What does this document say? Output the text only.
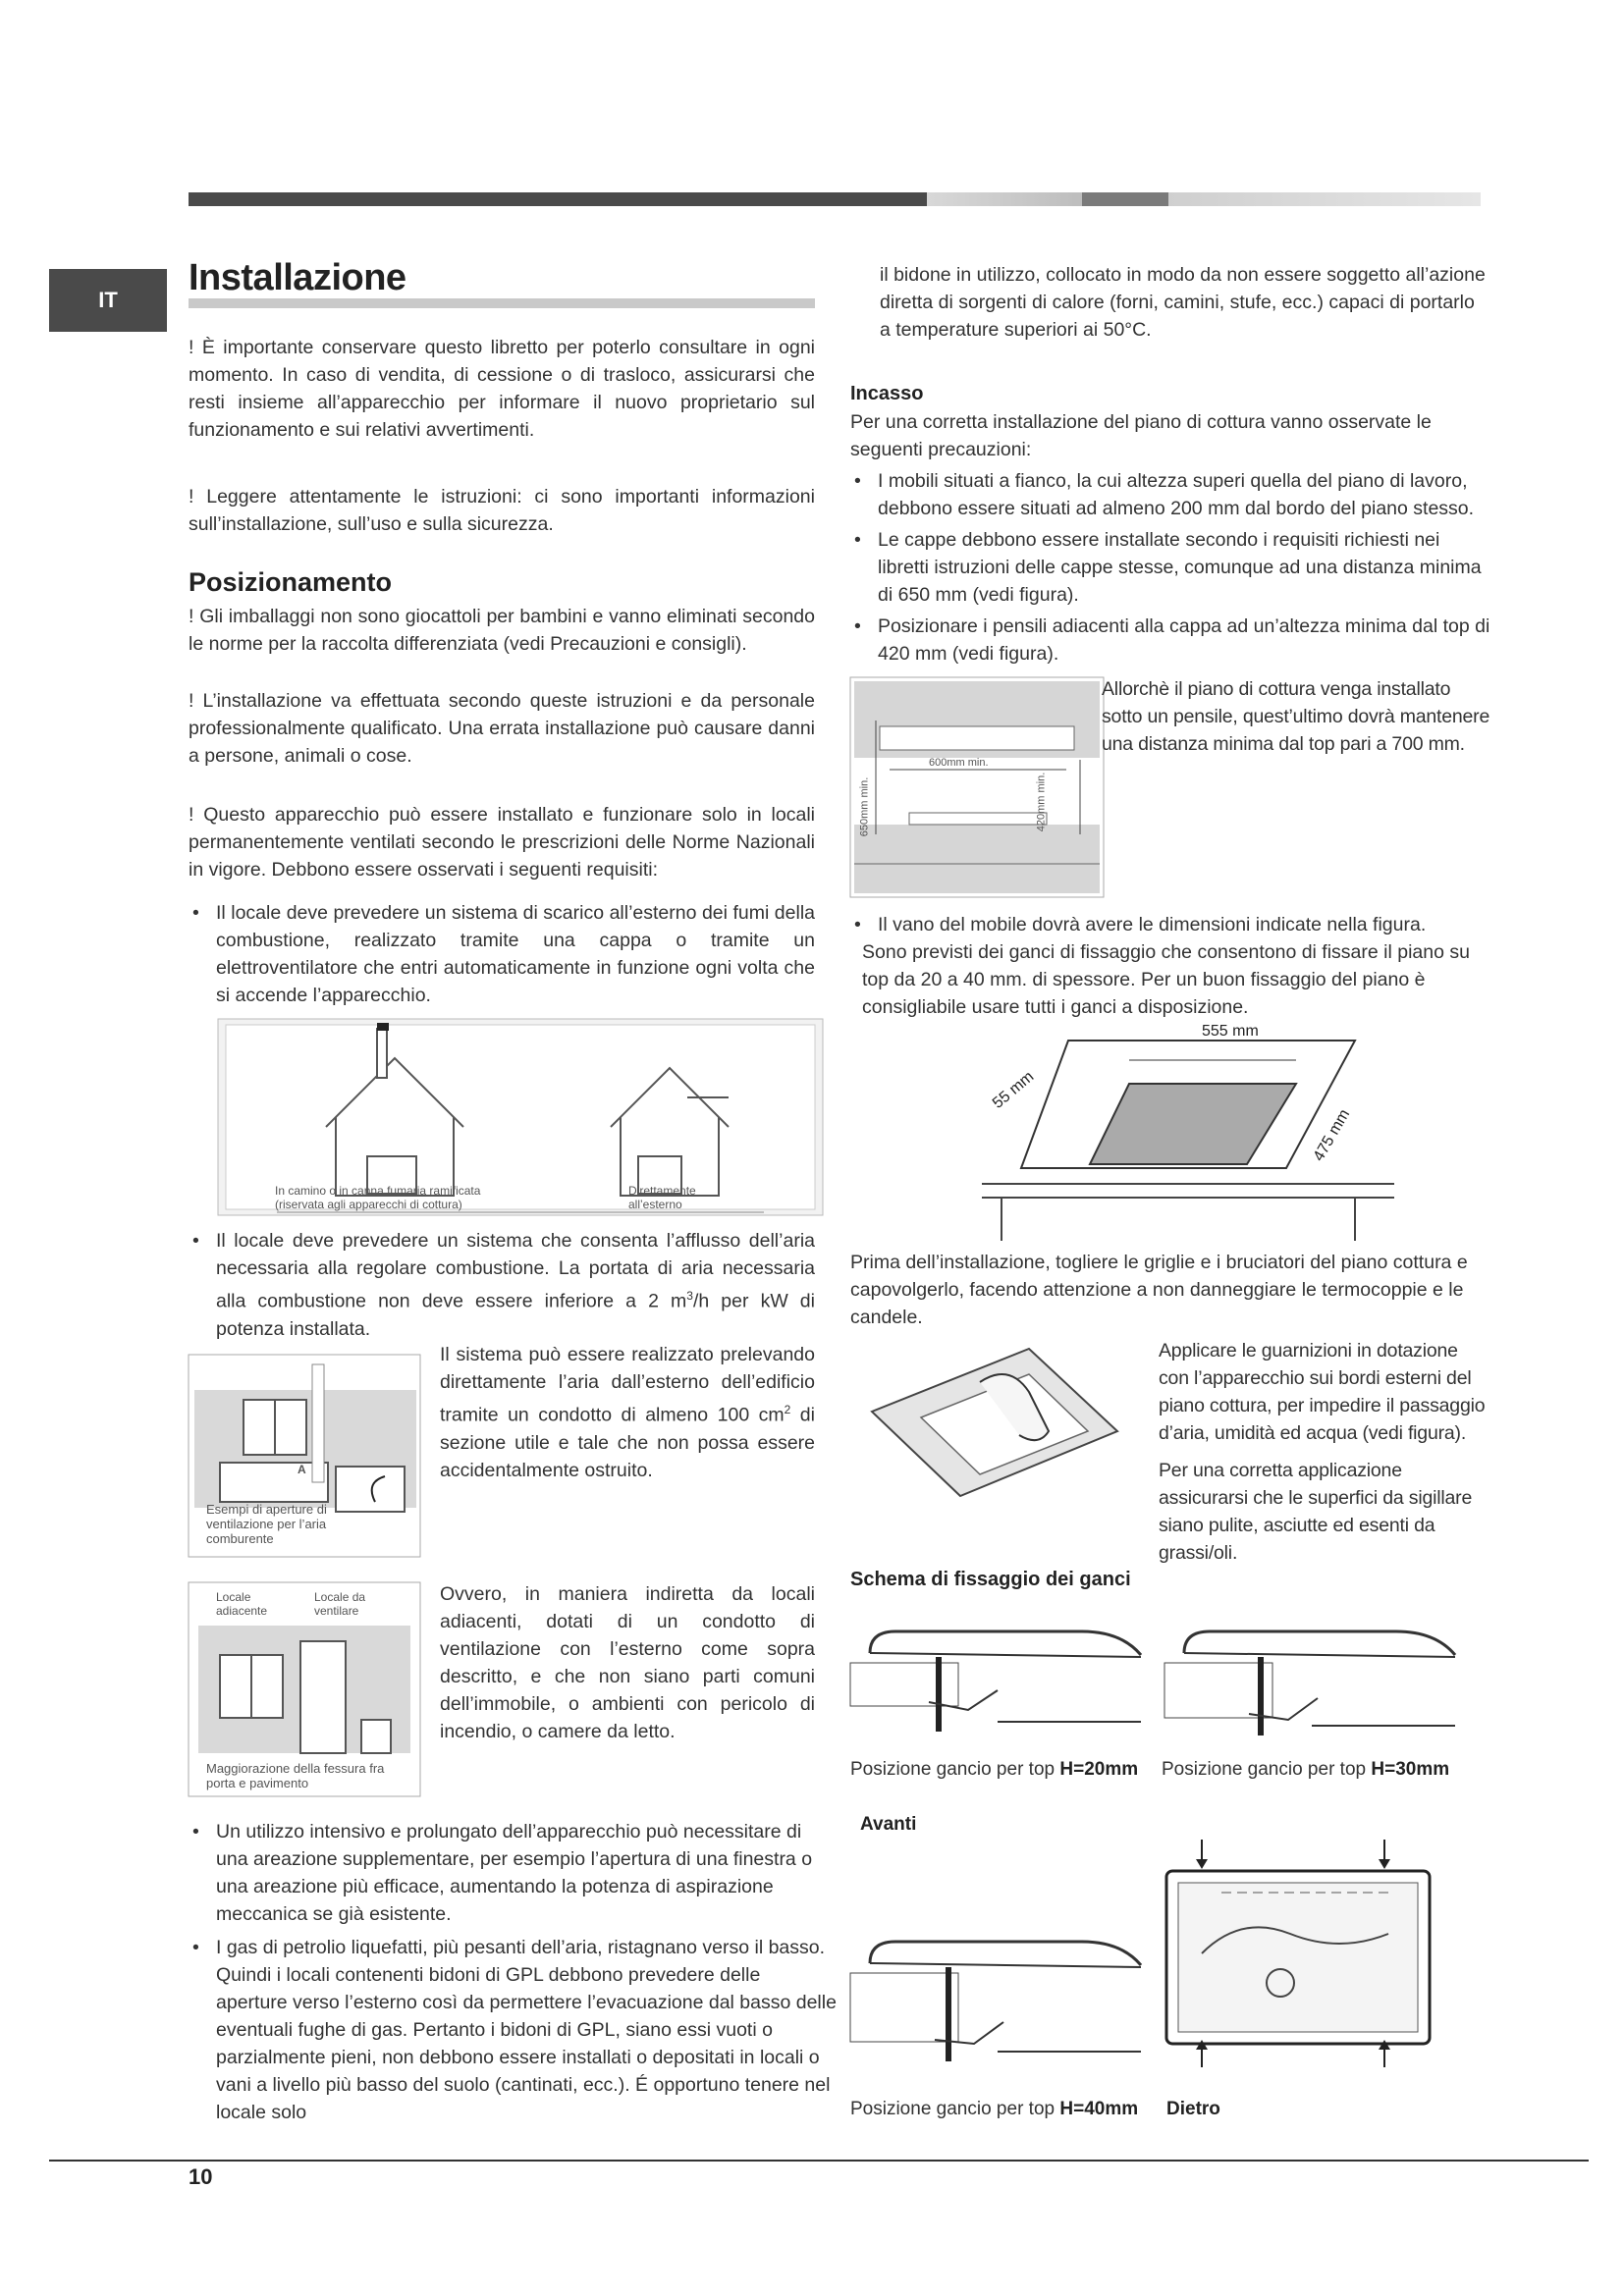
IT
Installazione

! È importante conservare questo libretto per poterlo consultare in ogni momento. In caso di vendita, di cessione o di trasloco, assicurarsi che resti insieme all’apparecchio per informare il nuovo proprietario sul funzionamento e sui relativi avvertimenti.

! Leggere attentamente le istruzioni: ci sono importanti informazioni sull’installazione, sull’uso e sulla sicurezza.

Posizionamento

! Gli imballaggi non sono giocattoli per bambini e vanno eliminati secondo le norme per la raccolta differenziata (vedi Precauzioni e consigli).

! L’installazione va effettuata secondo queste istruzioni e da personale professionalmente qualificato. Una errata installazione può causare danni a persone, animali o cose.

! Questo apparecchio può essere installato e funzionare solo in locali permanentemente ventilati secondo le prescrizioni delle Norme Nazionali in vigore. Debbono essere osservati i seguenti requisiti:

• Il locale deve prevedere un sistema di scarico all’esterno dei fumi della combustione, realizzato tramite una cappa o tramite un elettroventilatore che entri automaticamente in funzione ogni volta che si accende l’apparecchio.
In camino o in canna fumaria ramificata (riservata agli apparecchi di cottura)
Direttamente all’esterno
• Il locale deve prevedere un sistema che consenta l’afflusso dell’aria necessaria alla regolare combustione. La portata di aria necessaria alla combustione non deve essere inferiore a 2 $m^3/h$ per kW di potenza installata.
A
Esempi di aperture di ventilazione per l’aria comburente

Il sistema può essere realizzato prelevando direttamente l’aria dall’esterno dell’edificio tramite un condotto di almeno 100 $cm^2$ di sezione utile e tale che non possa essere accidentalmente ostruito.

Locale adiacente
Locale da ventilare
Maggiorazione della fessura fra porta e pavimento

Ovvero, in maniera indiretta da locali adiacenti, dotati di un condotto di ventilazione con l’esterno come sopra descritto, e che non siano parti comuni dell’immobile, o ambienti con pericolo di incendio, o camere da letto.

• Un utilizzo intensivo e prolungato dell’apparecchio può necessitare di una areazione supplementare, per esempio l’apertura di una finestra o una areazione più efficace, aumentando la potenza di aspirazione meccanica se già esistente.
• I gas di petrolio liquefatti, più pesanti dell’aria, ristagnano verso il basso. Quindi i locali contenenti bidoni di GPL debbono prevedere delle aperture verso l’esterno così da permettere l’evacuazione dal basso delle eventuali fughe di gas. Pertanto i bidoni di GPL, siano essi vuoti o parzialmente pieni, non debbono essere installati o depositati in locali o vani a livello più basso del suolo (cantinati, ecc.). É opportuno tenere nel locale solo

il bidone in utilizzo, collocato in modo da non essere soggetto all’azione diretta di sorgenti di calore (forni, camini, stufe, ecc.) capaci di portarlo a temperature superiori ai 50°C.

Incasso

Per una corretta installazione del piano di cottura vanno osservate le seguenti precauzioni:

• I mobili situati a fianco, la cui altezza superi quella del piano di lavoro, debbono essere situati ad almeno 200 mm dal bordo del piano stesso.
• Le cappe debbono essere installate secondo i requisiti richiesti nei libretti istruzioni delle cappe stesse, comunque ad una distanza minima di 650 mm (vedi figura).
• Posizionare i pensili adiacenti alla cappa ad un’altezza minima dal top di 420 mm (vedi figura).
600mm min.
650mm min.	420mm min.

Allorchè il piano di cottura venga installato sotto un pensile, quest’ultimo dovrà mantenere una distanza minima dal top pari a 700 mm.

• Il vano del mobile dovrà avere le dimensioni indicate nella figura.

Sono previsti dei ganci di fissaggio che consentono di fissare il piano su top da 20 a 40 mm. di spessore. Per un buon fissaggio del piano è consigliabile usare tutti i ganci a disposizione.

555 mm
55 mm
475 mm

Prima dell’installazione, togliere le griglie e i bruciatori del piano cottura e capovolgerlo, facendo attenzione a non danneggiare le termocoppie e le candele.

Applicare le guarnizioni in dotazione con l’apparecchio sui bordi esterni del piano cottura, per impedire il passaggio d’aria, umidità ed acqua (vedi figura).

Per una corretta applicazione assicurarsi che le superfici da sigillare siano pulite, asciutte ed esenti da grassi/oli.

Schema di fissaggio dei ganci
Posizione gancio per top H=20mm Posizione gancio per top H=30mm
Avanti
Posizione gancio per top H=40mm Dietro
10
